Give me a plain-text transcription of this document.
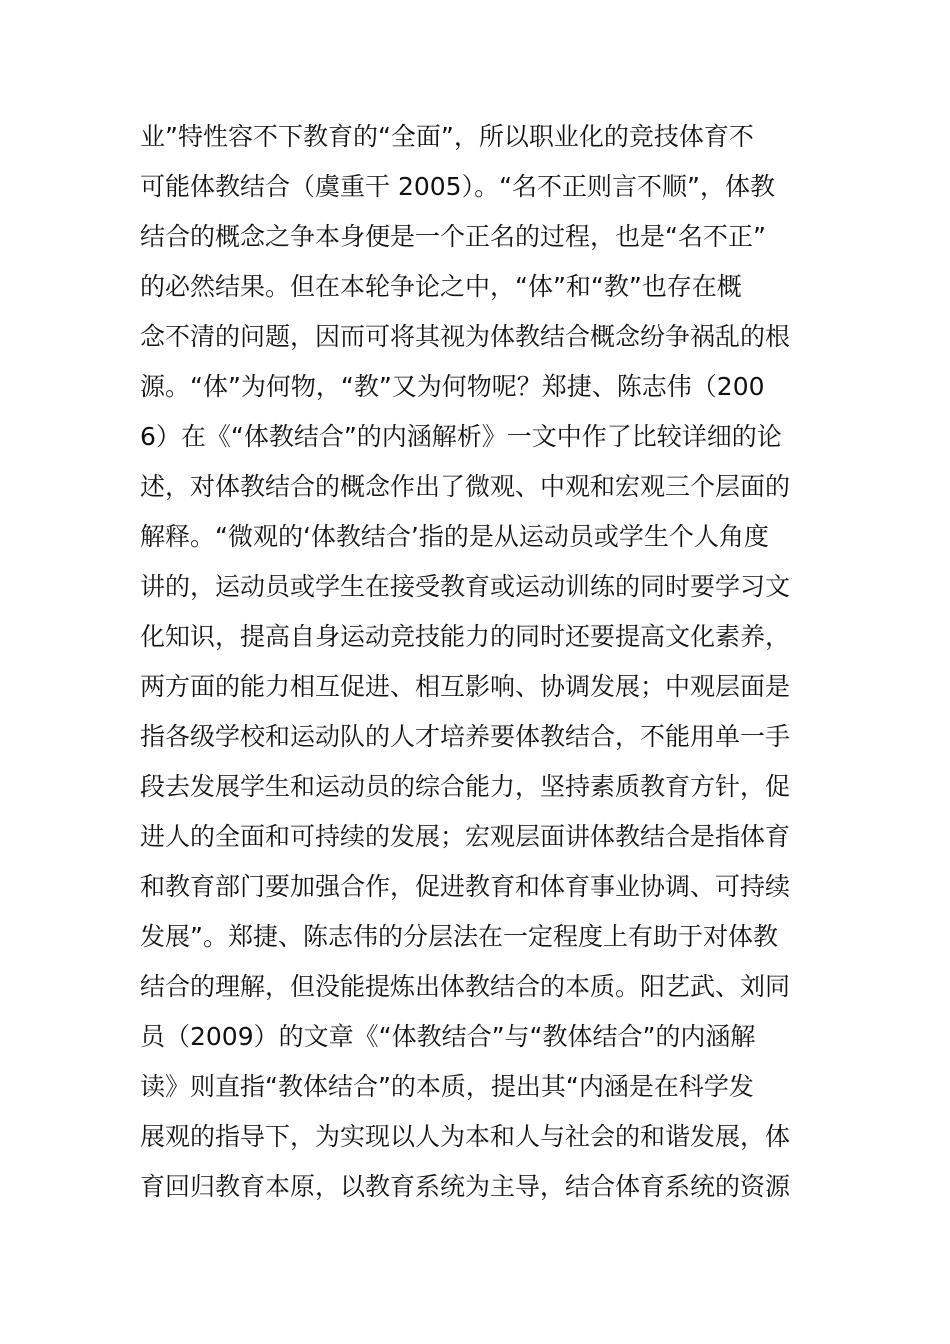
业”特性容不下教育的“全面”，所以职业化的竞技体育不
可能体教结合（虞重干 2005）。“名不正则言不顺”，体教
结合的概念之争本身便是一个正名的过程，也是“名不正”
的必然结果。但在本轮争论之中，“体”和“教”也存在概
念不清的问题，因而可将其视为体教结合概念纷争祸乱的根
源。“体”为何物，“教”又为何物呢？郑捷、陈志伟（200
6）在《“体教结合”的内涵解析》一文中作了比较详细的论
述，对体教结合的概念作出了微观、中观和宏观三个层面的
解释。“微观的‘体教结合’指的是从运动员或学生个人角度
讲的，运动员或学生在接受教育或运动训练的同时要学习文
化知识，提高自身运动竞技能力的同时还要提高文化素养，
两方面的能力相互促进、相互影响、协调发展；中观层面是
指各级学校和运动队的人才培养要体教结合，不能用单一手
段去发展学生和运动员的综合能力，坚持素质教育方针，促
进人的全面和可持续的发展；宏观层面讲体教结合是指体育
和教育部门要加强合作，促进教育和体育事业协调、可持续
发展”。郑捷、陈志伟的分层法在一定程度上有助于对体教
结合的理解，但没能提炼出体教结合的本质。阳艺武、刘同
员（2009）的文章《“体教结合”与“教体结合”的内涵解
读》则直指“教体结合”的本质，提出其“内涵是在科学发
展观的指导下，为实现以人为本和人与社会的和谐发展，体
育回归教育本原，以教育系统为主导，结合体育系统的资源
